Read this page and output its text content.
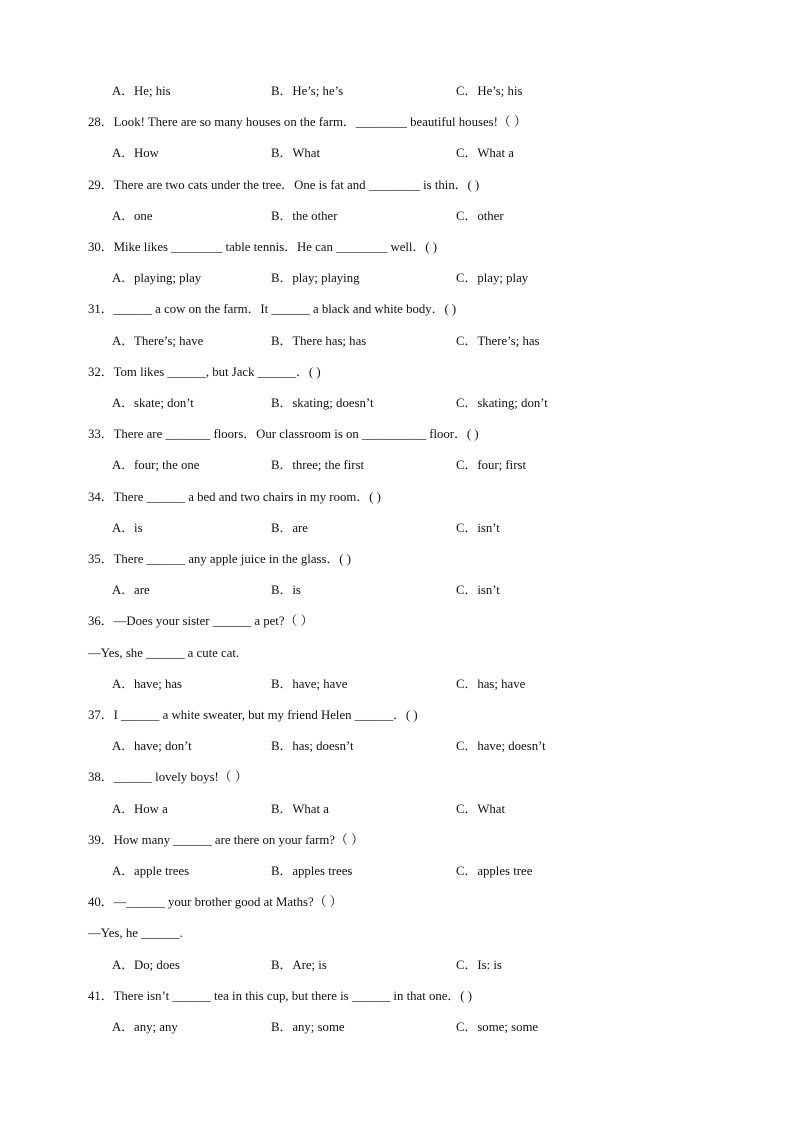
A．He; his	B．He’s; he’s	C．He’s; his
28．Look! There are so many houses on the farm．________ beautiful houses!（ ）
A．How	B．What	C．What a
29．There are two cats under the tree．One is fat and ________ is thin．( )
A．one	B．the other	C．other
30．Mike likes ________ table tennis．He can ________ well．( )
A．playing; play	B．play; playing	C．play; play
31．______ a cow on the farm．It ______ a black and white body．( )
A．There’s; have	B．There has; has	C．There’s; has
32．Tom likes ______, but Jack ______．( )
A．skate; don’t	B．skating; doesn’t	C．skating; don’t
33．There are _______ floors．Our classroom is on __________ floor．( )
A．four; the one	B．three; the first	C．four; first
34．There ______ a bed and two chairs in my room．( )
A．is	B．are	C．isn’t
35．There ______ any apple juice in the glass．( )
A．are	B．is	C．isn’t
36．—Does your sister ______ a pet?（ ）
—Yes, she ______ a cute cat.
A．have; has	B．have; have	C．has; have
37．I ______ a white sweater, but my friend Helen ______．( )
A．have; don’t	B．has; doesn’t	C．have; doesn’t
38．______ lovely boys!（ ）
A．How a	B．What a	C．What
39．How many ______ are there on your farm?（ ）
A．apple trees	B．apples trees	C．apples tree
40．—______ your brother good at Maths?（ ）
—Yes, he ______.
A．Do; does	B．Are; is	C．Is: is
41．There isn’t ______ tea in this cup, but there is ______ in that one．( )
A．any; any	B．any; some	C．some; some
